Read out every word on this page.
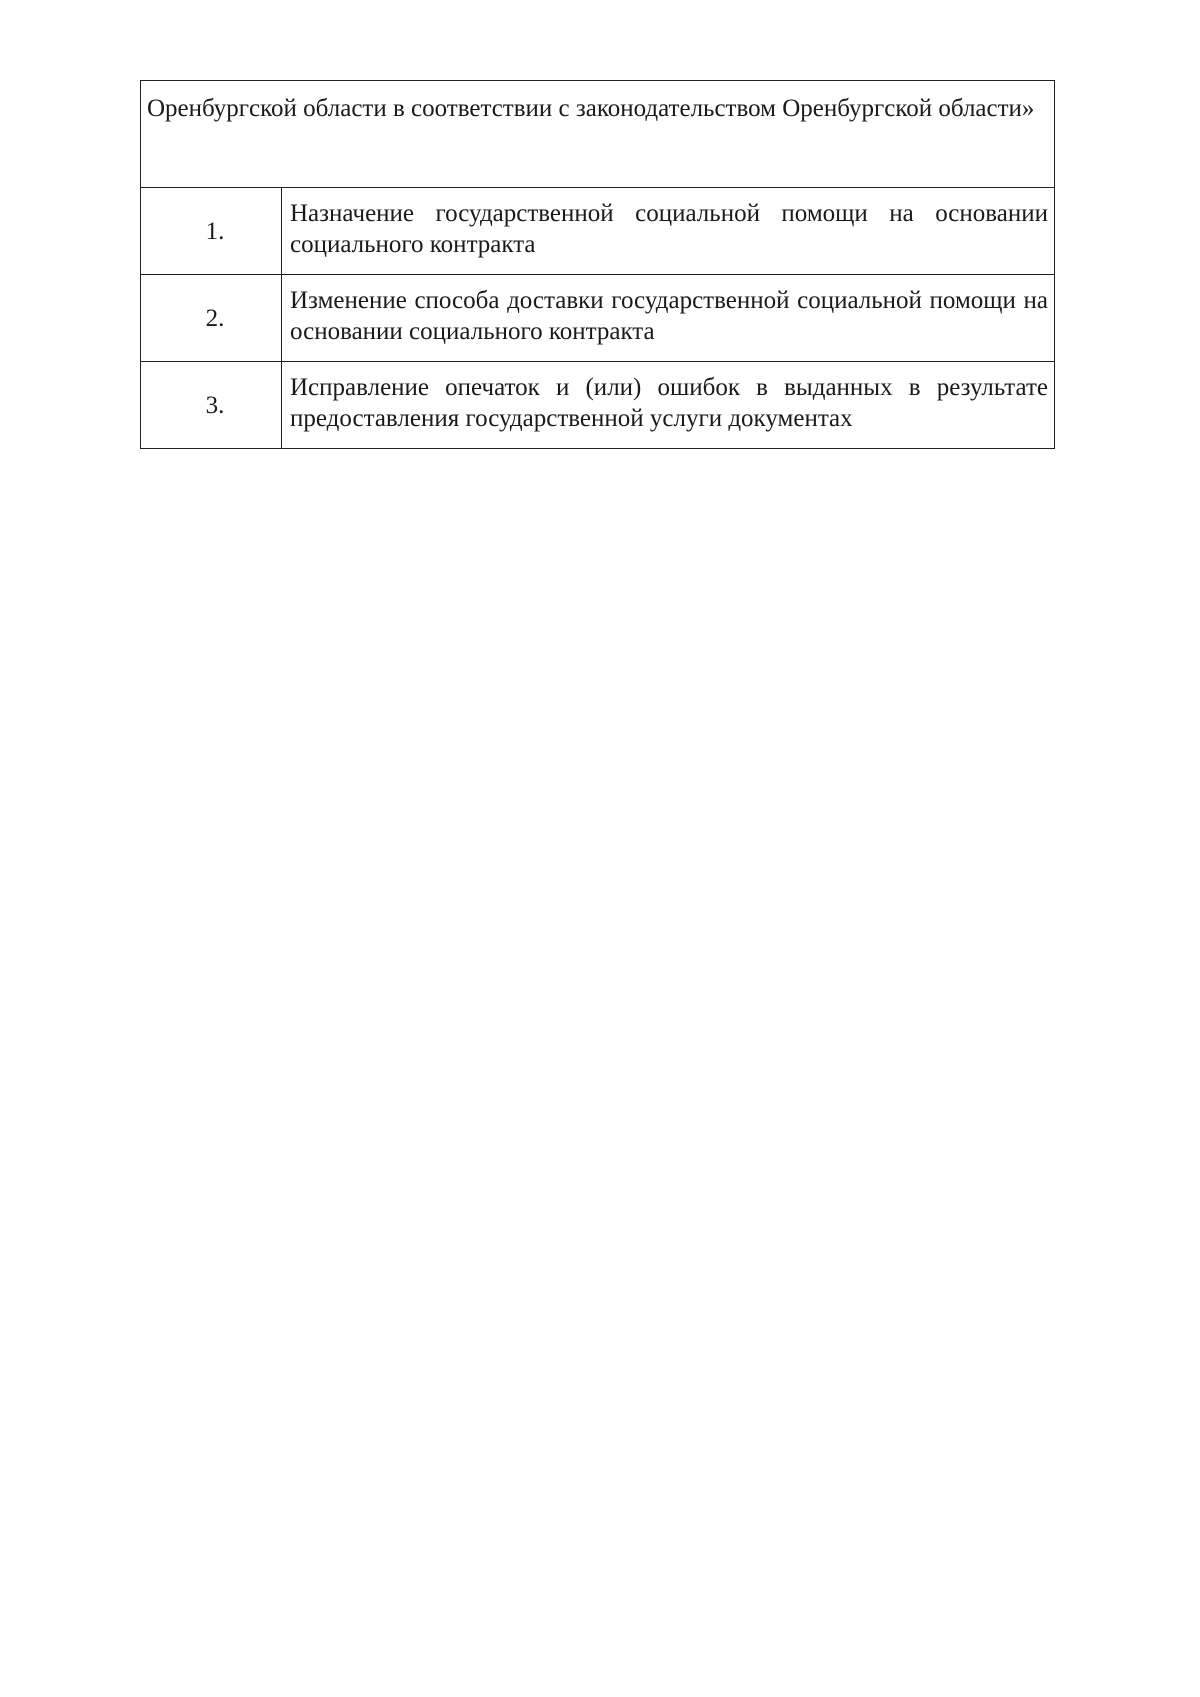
Оренбургской области в соответствии с законодательством Оренбургской области»	
1.	Назначение государственной социальной помощи на основании социального контракта
2.	Изменение способа доставки государственной социальной помощи на основании социального контракта
3.	Исправление опечаток и (или) ошибок в выданных в результате предоставления государственной услуги документах
